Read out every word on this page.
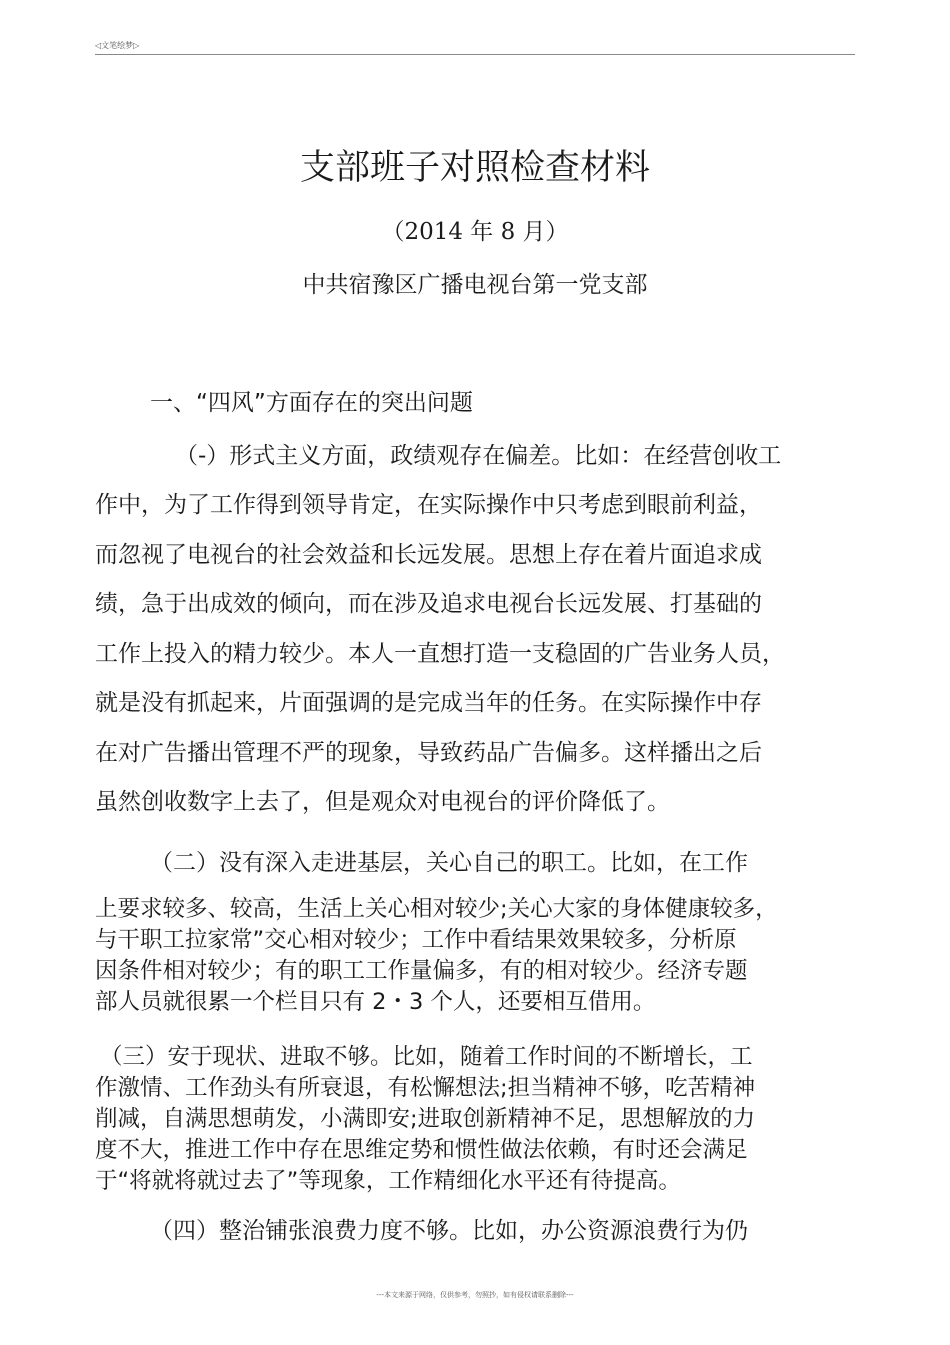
◁文笔绘梦▷
支部班子对照检查材料
（2014 年 8 月）
中共宿豫区广播电视台第一党支部
一、“四风”方面存在的突出问题
（-）形式主义方面，政绩观存在偏差。比如：在经营创收工
作中，为了工作得到领导肯定，在实际操作中只考虑到眼前利益，
而忽视了电视台的社会效益和长远发展。思想上存在着片面追求成
绩，急于出成效的倾向，而在涉及追求电视台长远发展、打基础的
工作上投入的精力较少。本人一直想打造一支稳固的广告业务人员，
就是没有抓起来，片面强调的是完成当年的任务。在实际操作中存
在对广告播出管理不严的现象，导致药品广告偏多。这样播出之后
虽然创收数字上去了，但是观众对电视台的评价降低了。
（二）没有深入走进基层，关心自己的职工。比如，在工作
上要求较多、较高，生活上关心相对较少;关心大家的身体健康较多，
与干职工拉家常”交心相对较少；工作中看结果效果较多，分析原
因条件相对较少；有的职工工作量偏多，有的相对较少。经济专题
部人员就很累一个栏目只有 2・3 个人，还要相互借用。
（三）安于现状、进取不够。比如，随着工作时间的不断增长，工
作激情、工作劲头有所衰退，有松懈想法;担当精神不够，吃苦精神
削减，自满思想萌发，小满即安;进取创新精神不足，思想解放的力
度不大，推进工作中存在思维定势和惯性做法依赖，有时还会满足
于“将就将就过去了”等现象，工作精细化水平还有待提高。
（四）整治铺张浪费力度不够。比如，办公资源浪费行为仍
---本文来源于网络，仅供参考，勿照抄，如有侵权请联系删除---
